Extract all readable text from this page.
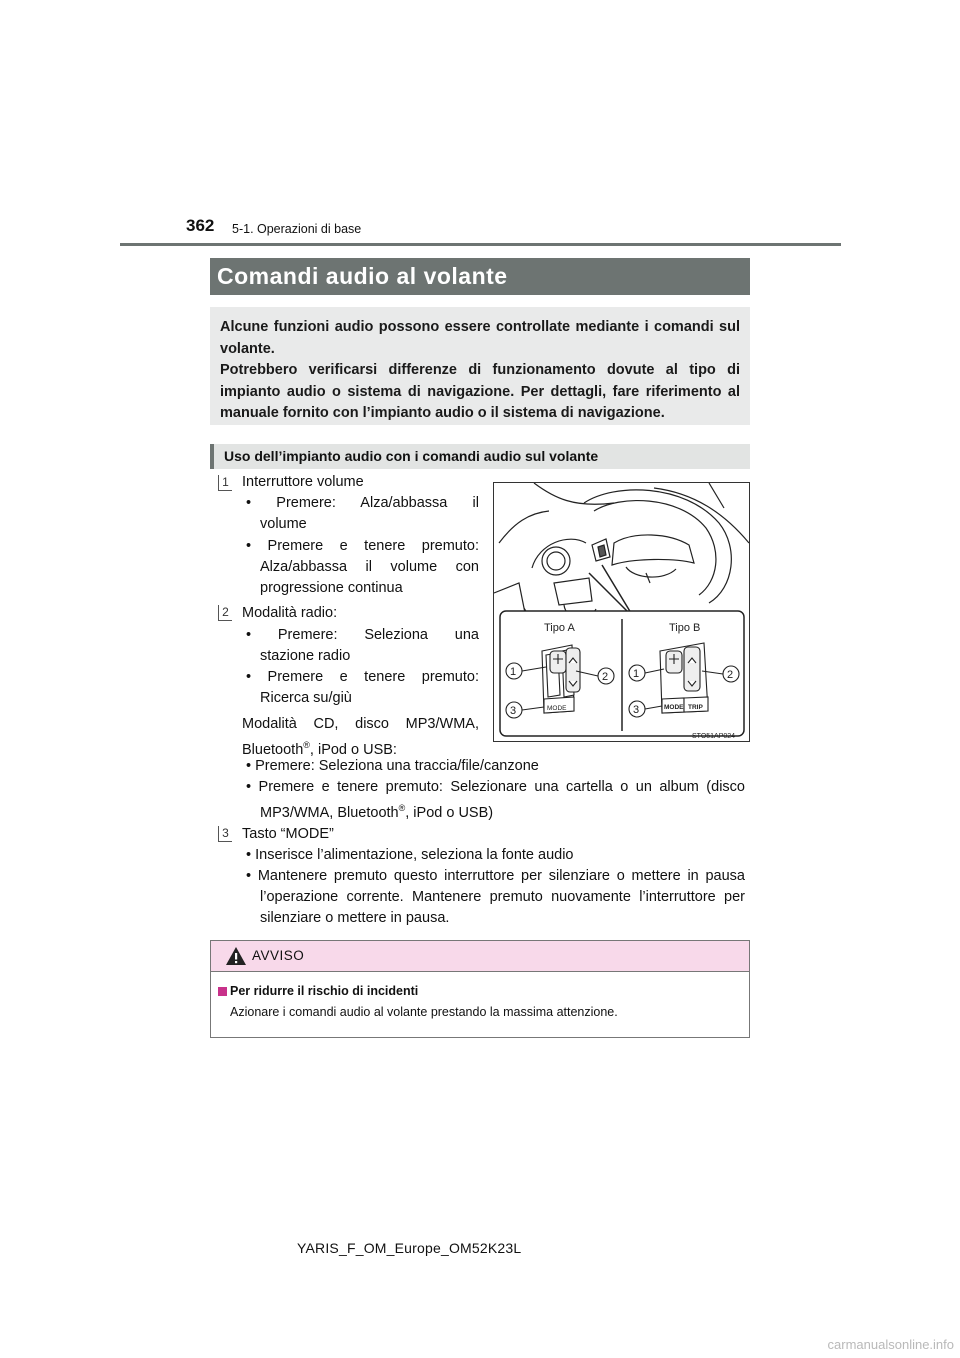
362 5-1. Operazioni di base
Comandi audio al volante
Alcune funzioni audio possono essere controllate mediante i comandi sul volante.
Potrebbero verificarsi differenze di funzionamento dovute al tipo di impianto audio o sistema di navigazione. Per dettagli, fare riferimento al manuale fornito con l’impianto audio o il sistema di navigazione.
Uso dell’impianto audio con i comandi audio sul volante
1 Interruttore volume
• Premere: Alza/abbassa il
volume
• Premere e tenere premuto:
Alza/abbassa il volume con
progressione continua
2 Modalità radio:
• Premere: Seleziona una
stazione radio
• Premere e tenere premuto:
Ricerca su/giù
Modalità CD, disco MP3/WMA,
Bluetooth®, iPod o USB:
• Premere: Seleziona una traccia/file/canzone
• Premere e tenere premuto: Selezionare una cartella o un album (disco
MP3/WMA, Bluetooth®, iPod o USB)
3 Tasto “MODE”
• Inserisce l’alimentazione, seleziona la fonte audio
• Mantenere premuto questo interruttore per silenziare o mettere in pausa
l’operazione corrente. Mantenere premuto nuovamente l’interruttore per
silenziare o mettere in pausa.
Tipo A	Tipo B
MODE
1	2
3	MODE TRIP
1	2
3
STO51AP024
AVVISO
Per ridurre il rischio di incidenti
Azionare i comandi audio al volante prestando la massima attenzione.
YARIS_F_OM_Europe_OM52K23L
carmanualsonline.info
